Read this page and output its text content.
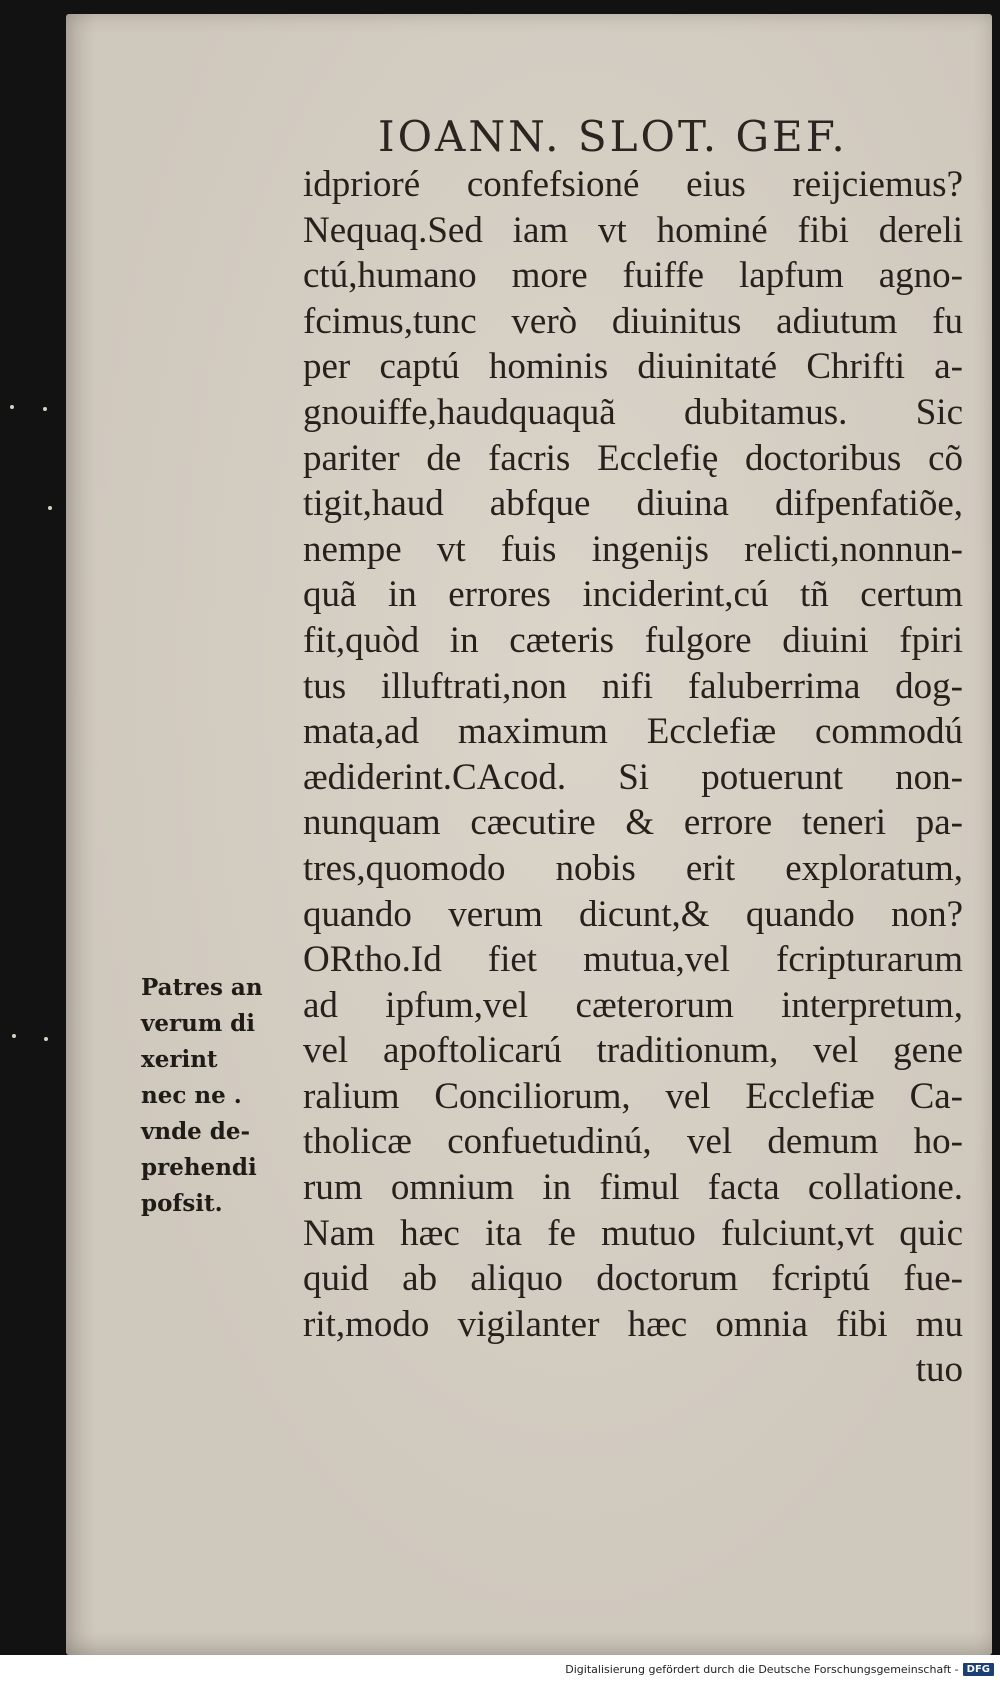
IOANN. SLOT. GEF.
idprioré confefsioné eius reijciemus?
Nequaq.Sed iam vt hominé fibi dereli
ctú,humano more fuiffe lapfum agno-
fcimus,tunc verò diuinitus adiutum fu
per captú hominis diuinitaté Chrifti a-
gnouiffe,haudquaquã dubitamus. Sic
pariter de facris Ecclefię doctoribus cõ
tigit,haud abfque diuina difpenfatiõe,
nempe vt fuis ingenijs relicti,nonnun-
quã in errores inciderint,cú tñ certum
fit,quòd in cæteris fulgore diuini fpiri
tus illuftrati,non nifi faluberrima dog-
mata,ad maximum Ecclefiæ commodú
ædiderint.CAcod. Si potuerunt non-
nunquam cæcutire & errore teneri pa-
tres,quomodo nobis erit exploratum,
quando verum dicunt,& quando non?
ORtho.Id fiet mutua,vel fcripturarum
ad ipfum,vel cæterorum interpretum,
vel apoftolicarú traditionum, vel gene
ralium Conciliorum, vel Ecclefiæ Ca-
tholicæ confuetudinú, vel demum ho-
rum omnium in fimul facta collatione.
Nam hæc ita fe mutuo fulciunt,vt quic
quid ab aliquo doctorum fcriptú fue-
rit,modo vigilanter hæc omnia fibi mu
tuo
Patres an
verum di
xerint
nec ne .
vnde de-
prehendi
pofsit.
Digitalisierung gefördert durch die Deutsche Forschungsgemeinschaft - DFG
